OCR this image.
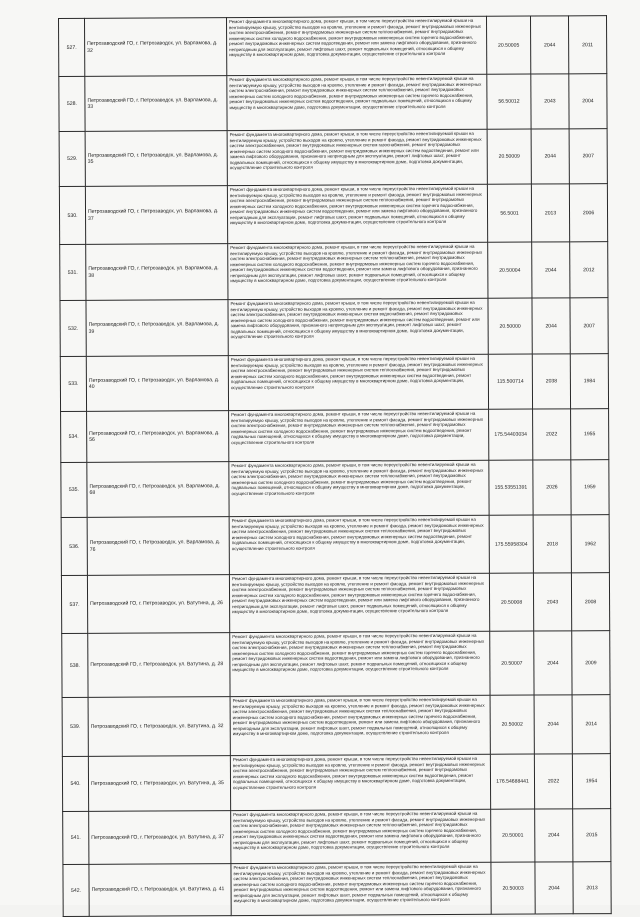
527.	Петрозаводский ГО, г. Петрозаводск, ул. Варламова, д. 32	Ремонт фундамента многоквартирного дома, ремонт крыши, в том числе переустройство невентилируемой крыши на вентилируемую крышу, устройство выходов на кровлю, утепление и ремонт фасада, ремонт внутридомовых инженерных систем электроснабжения, ремонт внутридомовых инженерных систем теплоснабжения, ремонт внутридомовых инженерных систем холодного водоснабжения, ремонт внутридомовых инженерных систем горячего водоснабжения, ремонт внутридомовых инженерных систем водоотведения, ремонт или замена лифтового оборудования, признанного непригодным для эксплуатации, ремонт лифтовых шахт, ремонт подвальных помещений, относящихся к общему имуществу в многоквартирном доме, подготовка документации, осуществление строительного контроля	20.50005	2044	2011
528.	Петрозаводский ГО, г. Петрозаводск, ул. Варламова, д. 33	Ремонт фундамента многоквартирного дома, ремонт крыши, в том числе переустройство невентилируемой крыши на вентилируемую крышу, устройство выходов на кровлю, утепление и ремонт фасада, ремонт внутридомовых инженерных систем электроснабжения, ремонт внутридомовых инженерных систем теплоснабжения, ремонт внутридомовых инженерных систем холодного водоснабжения, ремонт внутридомовых инженерных систем горячего водоснабжения, ремонт внутридомовых инженерных систем водоотведения, ремонт подвальных помещений, относящихся к общему имуществу в многоквартирном доме, подготовка документации, осуществление строительного контроля	56.50012	2043	2004
529.	Петрозаводский ГО, г. Петрозаводск, ул. Варламова, д. 35	Ремонт фундамента многоквартирного дома, ремонт крыши, в том числе переустройство невентилируемой крыши на вентилируемую крышу, устройство выходов на кровлю, утепление и ремонт фасада, ремонт внутридомовых инженерных систем электроснабжения, ремонт внутридомовых инженерных систем газоснабжения, ремонт внутридомовых инженерных систем холодного водоснабжения, ремонт внутридомовых инженерных систем водоотведения, ремонт или замена лифтового оборудования, признанного непригодным для эксплуатации, ремонт лифтовых шахт, ремонт подвальных помещений, относящихся к общему имуществу в многоквартирном доме, подготовка документации, осуществление строительного контроля	20.50009	2044	2007
530.	Петрозаводский ГО, г. Петрозаводск, ул. Варламова, д. 37	Ремонт фундамента многоквартирного дома, ремонт крыши, в том числе переустройство невентилируемой крыши на вентилируемую крышу, устройство выходов на кровлю, утепление и ремонт фасада, ремонт внутридомовых инженерных систем электроснабжения, ремонт внутридомовых инженерных систем теплоснабжения, ремонт внутридомовых инженерных систем холодного водоснабжения, ремонт внутридомовых инженерных систем горячего водоснабжения, ремонт внутридомовых инженерных систем водоотведения, ремонт или замена лифтового оборудования, признанного непригодным для эксплуатации, ремонт лифтовых шахт, ремонт подвальных помещений, относящихся к общему имуществу в многоквартирном доме, подготовка документации, осуществление строительного контроля	56.5001	2013	2006
531.	Петрозаводский ГО, г. Петрозаводск, ул. Варламова, д. 38	Ремонт фундамента многоквартирного дома, ремонт крыши, в том числе переустройство невентилируемой крыши на вентилируемую крышу, устройство выходов на кровлю, утепление и ремонт фасада, ремонт внутридомовых инженерных систем электроснабжения, ремонт внутридомовых инженерных систем теплоснабжения, ремонт внутридомовых инженерных систем холодного водоснабжения, ремонт внутридомовых инженерных систем горячего водоснабжения, ремонт внутридомовых инженерных систем водоотведения, ремонт или замена лифтового оборудования, признанного непригодным для эксплуатации, ремонт лифтовых шахт, ремонт подвальных помещений, относящихся к общему имуществу в многоквартирном доме, подготовка документации, осуществление строительного контроля	20.50004	2044	2012
532.	Петрозаводский ГО, г. Петрозаводск, ул. Варламова, д. 39	Ремонт фундамента многоквартирного дома, ремонт крыши, в том числе переустройство невентилируемой крыши на вентилируемую крышу, устройство выходов на кровлю, утепление и ремонт фасада, ремонт внутридомовых инженерных систем электроснабжения, ремонт внутридомовых инженерных систем водоснабжения, ремонт внутридомовых инженерных систем холодного водоснабжения, ремонт внутридомовых инженерных систем водоотведения, ремонт или замена лифтового оборудования, признанного непригодным для эксплуатации, ремонт лифтовых шахт, ремонт подвальных помещений, относящихся к общему имуществу в многоквартирном доме, подготовка документации, осуществление строительного контроля	20.50000	2044	2007
533.	Петрозаводский ГО, г. Петрозаводск, ул. Варламова, д. 40	Ремонт фундамента многоквартирного дома, ремонт крыши, в том числе переустройство невентилируемой крыши на вентилируемую крышу, устройство выходов на кровлю, утепление и ремонт фасада, ремонт внутридомовых инженерных систем электроснабжения, ремонт внутридомовых инженерных систем теплоснабжения, ремонт внутридомовых инженерных систем холодного водоснабжения, ремонт внутридомовых инженерных систем водоотведения, ремонт подвальных помещений, относящихся к общему имуществу в многоквартирном доме, подготовка документации, осуществление строительного контроля	115.500714	2038	1984
534.	Петрозаводский ГО, г. Петрозаводск, ул. Варламова, д. 56	Ремонт фундамента многоквартирного дома, ремонт крыши, в том числе переустройство невентилируемой крыши на вентилируемую крышу, устройство выходов на кровлю, утепление и ремонт фасада, ремонт внутридомовых инженерных систем электроснабжения, ремонт внутридомовых инженерных систем теплоснабжения, ремонт внутридомовых инженерных систем холодного водоснабжения, ремонт внутридомовых инженерных систем водоотведения, ремонт подвальных помещений, относящихся к общему имуществу в многоквартирном доме, подготовка документации, осуществление строительного контроля	175.54403034	2022	1955
535.	Петрозаводский ГО, г. Петрозаводск, ул. Варламова, д. 68	Ремонт фундамента многоквартирного дома, ремонт крыши, в том числе переустройство невентилируемой крыши на вентилируемую крышу, устройство выходов на кровлю, утепление и ремонт фасада, ремонт внутридомовых инженерных систем электроснабжения, ремонт внутридомовых инженерных систем теплоснабжения, ремонт внутридомовых инженерных систем холодного водоснабжения, ремонт внутридомовых инженерных систем водоотведения, ремонт подвальных помещений, относящихся к общему имуществу в многоквартирном доме, подготовка документации, осуществление строительного контроля	155.53551391	2026	1959
536.	Петрозаводский ГО, г. Петрозаводск, ул. Варламова, д. 76	Ремонт фундамента многоквартирного дома, ремонт крыши, в том числе переустройство невентилируемой крыши на вентилируемую крышу, устройство выходов на кровлю, утепление и ремонт фасада, ремонт внутридомовых инженерных систем электроснабжения, ремонт внутридомовых инженерных систем теплоснабжения, ремонт внутридомовых инженерных систем холодного водоснабжения, ремонт внутридомовых инженерных систем водоотведения, ремонт подвальных помещений, относящихся к общему имуществу в многоквартирном доме, подготовка документации, осуществление строительного контроля	175.55958304	2018	1962
537.	Петрозаводский ГО, г. Петрозаводск, ул. Ватутина, д. 26	Ремонт фундамента многоквартирного дома, ремонт крыши, в том числе переустройство невентилируемой крыши на вентилируемую крышу, устройство выходов на кровлю, утепление и ремонт фасада, ремонт внутридомовых инженерных систем электроснабжения, ремонт внутридомовых инженерных систем теплоснабжения, ремонт внутридомовых инженерных систем холодного водоснабжения, ремонт внутридомовых инженерных систем горячего водоснабжения, ремонт внутридомовых инженерных систем водоотведения, ремонт или замена лифтового оборудования, признанного непригодным для эксплуатации, ремонт лифтовых шахт, ремонт подвальных помещений, относящихся к общему имуществу в многоквартирном доме, подготовка документации, осуществление строительного контроля	20.50008	2043	2008
538.	Петрозаводский ГО, г. Петрозаводск, ул. Ватутина, д. 28	Ремонт фундамента многоквартирного дома, ремонт крыши, в том числе переустройство невентилируемой крыши на вентилируемую крышу, устройство выходов на кровлю, утепление и ремонт фасада, ремонт внутридомовых инженерных систем электроснабжения, ремонт внутридомовых инженерных систем теплоснабжения, ремонт внутридомовых инженерных систем холодного водоснабжения, ремонт внутридомовых инженерных систем горячего водоснабжения, ремонт внутридомовых инженерных систем водоотведения, ремонт или замена лифтового оборудования, признанного непригодным для эксплуатации, ремонт лифтовых шахт, ремонт подвальных помещений, относящихся к общему имуществу в многоквартирном доме, подготовка документации, осуществление строительного контроля	20.50007	2044	2009
539.	Петрозаводский ГО, г. Петрозаводск, ул. Ватутина, д. 32	Ремонт фундамента многоквартирного дома, ремонт крыши, в том числе переустройство невентилируемой крыши на вентилируемую крышу, устройство выходов на кровлю, утепление и ремонт фасада, ремонт внутридомовых инженерных систем электроснабжения, ремонт внутридомовых инженерных систем теплоснабжения, ремонт внутридомовых инженерных систем холодного водоснабжения, ремонт внутридомовых инженерных систем горячего водоснабжения, ремонт внутридомовых инженерных систем водоотведения, ремонт или замена лифтового оборудования, признанного непригодным для эксплуатации, ремонт лифтовых шахт, ремонт подвальных помещений, относящихся к общему имуществу в многоквартирном доме, подготовка документации, осуществление строительного контроля	20.50002	2044	2014
540.	Петрозаводский ГО, г. Петрозаводск, ул. Ватутина, д. 35	Ремонт фундамента многоквартирного дома, ремонт крыши, в том числе переустройство невентилируемой крыши на вентилируемую крышу, устройство выходов на кровлю, утепление и ремонт фасада, ремонт внутридомовых инженерных систем электроснабжения, ремонт внутридомовых инженерных систем теплоснабжения, ремонт внутридомовых инженерных систем холодного водоснабжения, ремонт внутридомовых инженерных систем водоотведения, ремонт подвальных помещений, относящихся к общему имуществу в многоквартирном доме, подготовка документации, осуществление строительного контроля	176.54688441	2022	1954
541.	Петрозаводский ГО, г. Петрозаводск, ул. Ватутина, д. 37	Ремонт фундамента многоквартирного дома, ремонт крыши, в том числе переустройство невентилируемой крыши на вентилируемую крышу, устройство выходов на кровлю, утепление и ремонт фасада, ремонт внутридомовых инженерных систем электроснабжения, ремонт внутридомовых инженерных систем теплоснабжения, ремонт внутридомовых инженерных систем холодного водоснабжения, ремонт внутридомовых инженерных систем горячего водоснабжения, ремонт внутридомовых инженерных систем водоотведения, ремонт или замена лифтового оборудования, признанного непригодным для эксплуатации, ремонт лифтовых шахт, ремонт подвальных помещений, относящихся к общему имуществу в многоквартирном доме, подготовка документации, осуществление строительного контроля	20.50001	2044	2015
542.	Петрозаводский ГО, г. Петрозаводск, ул. Ватутина, д. 41	Ремонт фундамента многоквартирного дома, ремонт крыши, в том числе переустройство невентилируемой крыши на вентилируемую крышу, устройство выходов на кровлю, утепление и ремонт фасада, ремонт внутридомовых инженерных систем электроснабжения, ремонт внутридомовых инженерных систем теплоснабжения, ремонт внутридомовых инженерных систем холодного водоснабжения, ремонт внутридомовых инженерных систем горячего водоснабжения, ремонт внутридомовых инженерных систем водоотведения, ремонт или замена лифтового оборудования, признанного непригодным для эксплуатации, ремонт лифтовых шахт, ремонт подвальных помещений, относящихся к общему имуществу в многоквартирном доме, подготовка документации, осуществление строительного контроля	20.50003	2044	2013
